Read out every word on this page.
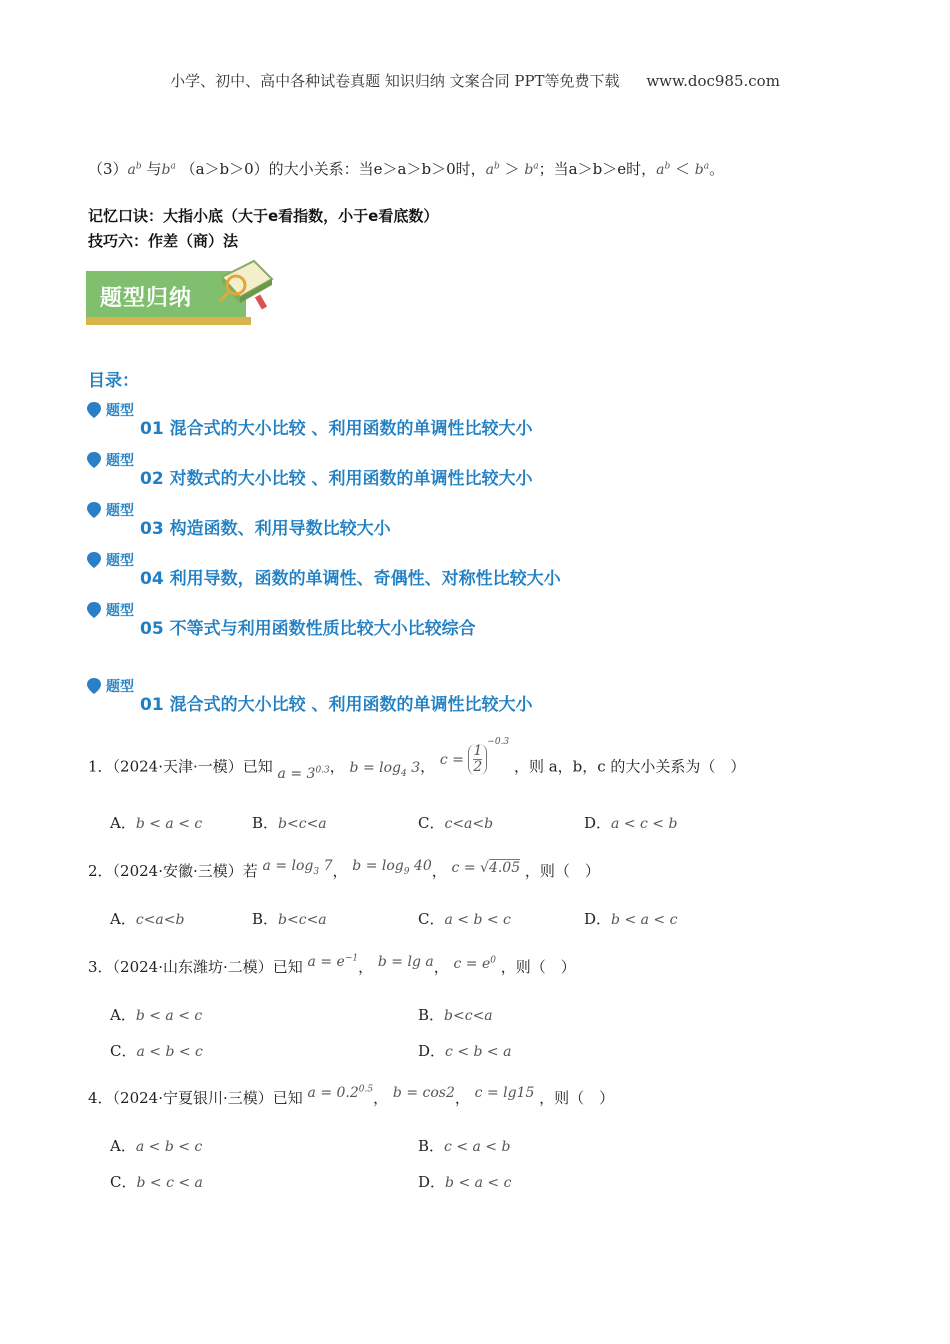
小学、初中、高中各种试卷真题 知识归纳 文案合同 PPT等免费下载 www.doc985.com
$(3)a^b$ 与$b^a$ （a＞b＞0）的大小关系：当e＞a＞b＞0时，$a^b > b^a$；当a＞b＞e时，$a^b < b^a$。
记忆口诀：大指小底（大于e看指数，小于e看底数）
技巧六：作差（商）法
题型归纳
目录：
题型
01 混合式的大小比较 、利用函数的单调性比较大小
题型
02 对数式的大小比较 、利用函数的单调性比较大小
题型
03 构造函数、利用导数比较大小
题型
04 利用导数，函数的单调性、奇偶性、对称性比较大小
题型
05 不等式与利用函数性质比较大小比较综合
题型
01 混合式的大小比较 、利用函数的单调性比较大小
1．（2024·天津·一模）已知 $a = 3^{0.3}$， $b = \log_4 3$， $c = \frac{1}{2}$
$^{-0.3}$ ，则 a，b，c 的大小关系为（　）
A．b < a < c	B．b<c<a	C．c<a<b	D．a < c < b
2．（2024·安徽·三模）若 $a = \log_3 7$， $b = \log_9 40$， c = √4.05 ，则（　）
A．c<a<b	B．b<c<a	C．a < b < c	D．b < a < c
3．（2024·山东潍坊·二模）已知 $a = e^{-1}$， b = lg a， $c = e^0$ ，则（　）
A．b < a < c	B．b<c<a
C．a < b < c	D．c < b < a
4．（2024·宁夏银川·三模）已知 $a = 0.2^{0.5}$， b = cos2， c = lg15 ，则（　）
A．a < b < c	B．c < a < b
C．b < c < a	D．b < a < c
